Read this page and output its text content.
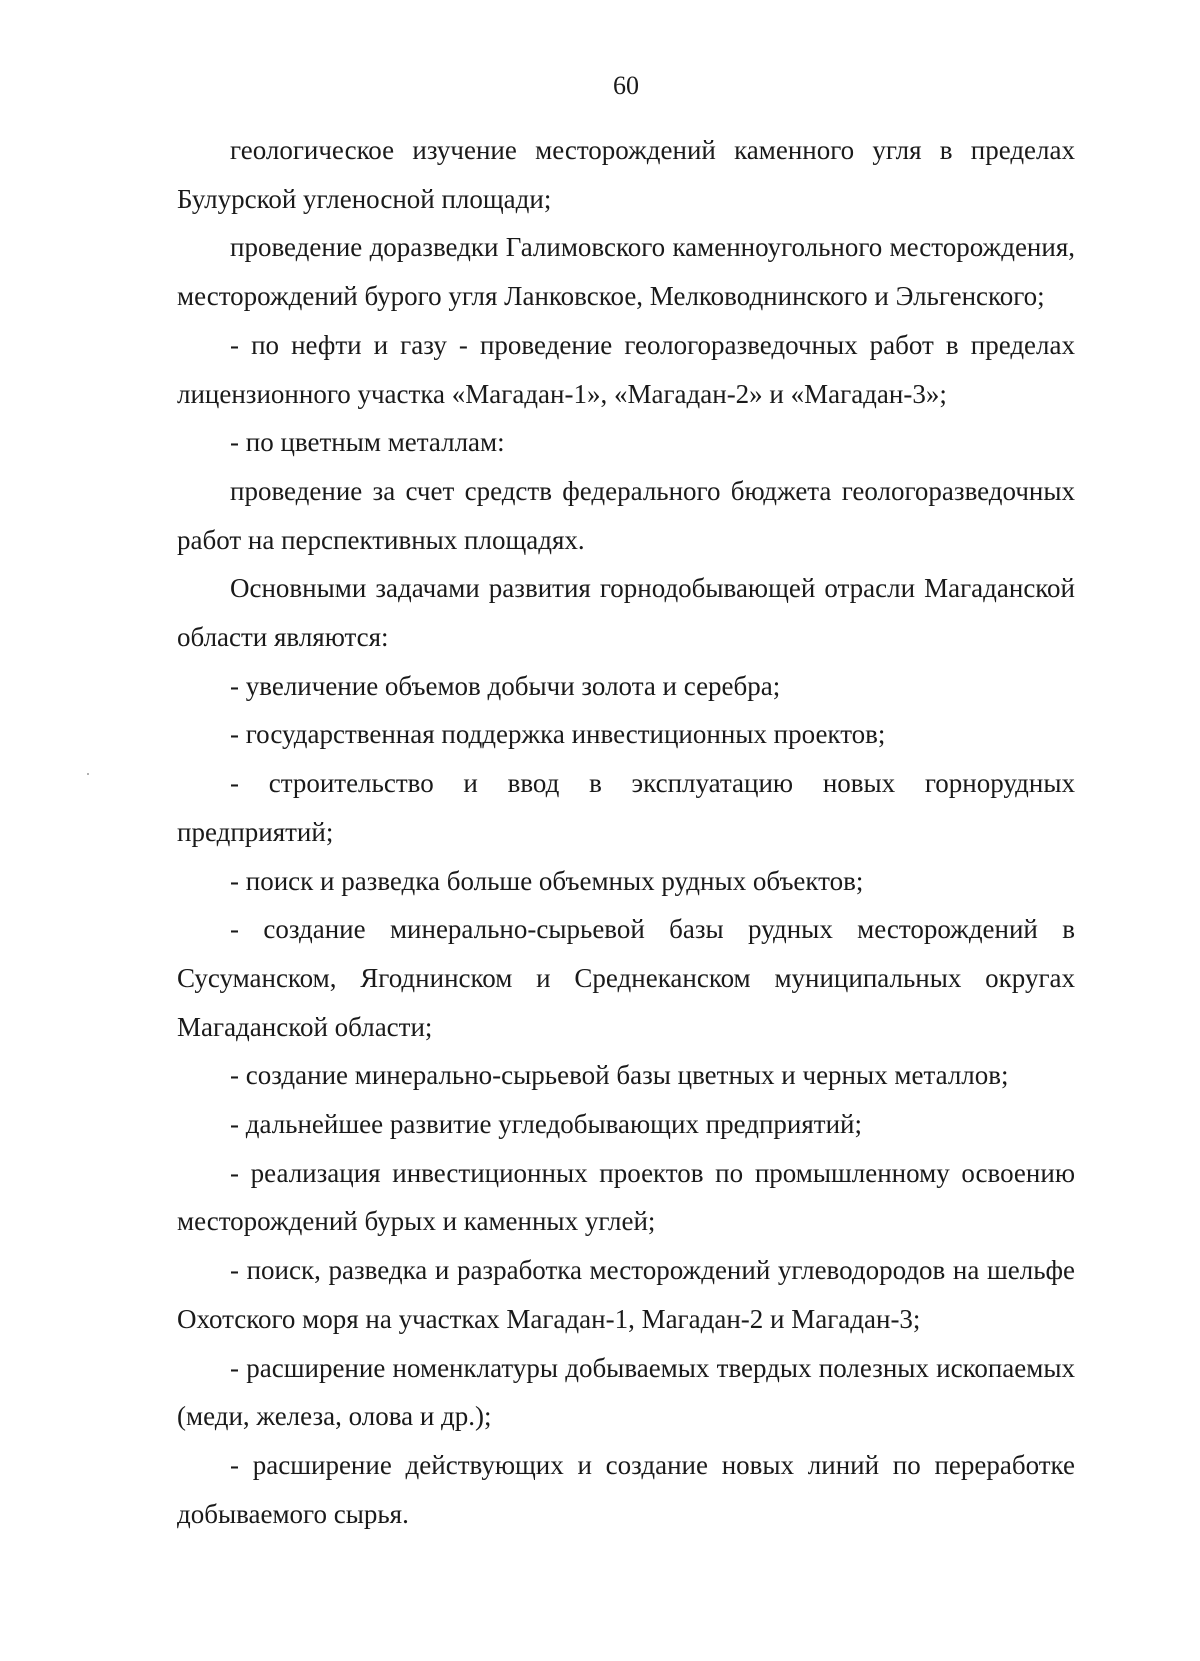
60

геологическое изучение месторождений каменного угля в пределах Булурской угленосной площади;

проведение доразведки Галимовского каменноугольного месторождения, месторождений бурого угля Ланковское, Мелководнинского и Эльгенского;

- по нефти и газу - проведение геологоразведочных работ в пределах лицензионного участка «Магадан-1», «Магадан-2» и «Магадан-3»;

- по цветным металлам:

проведение за счет средств федерального бюджета геологоразведочных работ на перспективных площадях.

Основными задачами развития горнодобывающей отрасли Магаданской области являются:

- увеличение объемов добычи золота и серебра;

- государственная поддержка инвестиционных проектов;

- строительство и ввод в эксплуатацию новых горнорудных предприятий;

- поиск и разведка больше объемных рудных объектов;

- создание минерально-сырьевой базы рудных месторождений в Сусуманском, Ягоднинском и Среднеканском муниципальных округах Магаданской области;

- создание минерально-сырьевой базы цветных и черных металлов;

- дальнейшее развитие угледобывающих предприятий;

- реализация инвестиционных проектов по промышленному освоению месторождений бурых и каменных углей;

- поиск, разведка и разработка месторождений углеводородов на шельфе Охотского моря на участках Магадан-1, Магадан-2 и Магадан-3;

- расширение номенклатуры добываемых твердых полезных ископаемых (меди, железа, олова и др.);

- расширение действующих и создание новых линий по переработке добываемого сырья.
